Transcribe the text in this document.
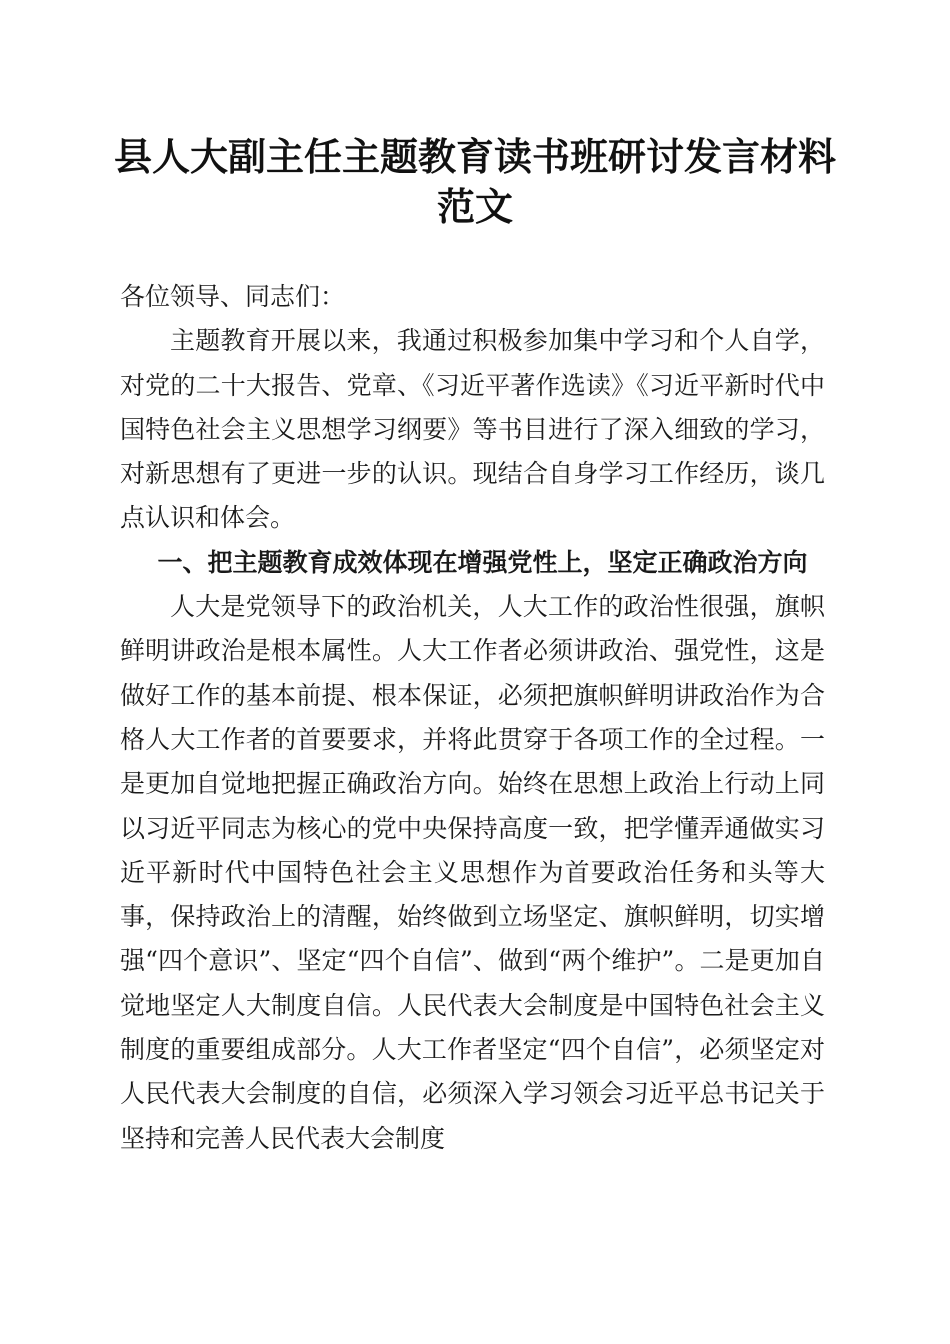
县人大副主任主题教育读书班研讨发言材料范文

各位领导、同志们：

主题教育开展以来，我通过积极参加集中学习和个人自学，对党的二十大报告、党章、《习近平著作选读》《习近平新时代中国特色社会主义思想学习纲要》等书目进行了深入细致的学习，对新思想有了更进一步的认识。现结合自身学习工作经历，谈几点认识和体会。

一、把主题教育成效体现在增强党性上，坚定正确政治方向

人大是党领导下的政治机关，人大工作的政治性很强，旗帜鲜明讲政治是根本属性。人大工作者必须讲政治、强党性，这是做好工作的基本前提、根本保证，必须把旗帜鲜明讲政治作为合格人大工作者的首要要求，并将此贯穿于各项工作的全过程。一是更加自觉地把握正确政治方向。始终在思想上政治上行动上同以习近平同志为核心的党中央保持高度一致，把学懂弄通做实习近平新时代中国特色社会主义思想作为首要政治任务和头等大事，保持政治上的清醒，始终做到立场坚定、旗帜鲜明，切实增强“四个意识”、坚定“四个自信”、做到“两个维护”。二是更加自觉地坚定人大制度自信。人民代表大会制度是中国特色社会主义制度的重要组成部分。人大工作者坚定“四个自信”，必须坚定对人民代表大会制度的自信，必须深入学习领会习近平总书记关于坚持和完善人民代表大会制度
